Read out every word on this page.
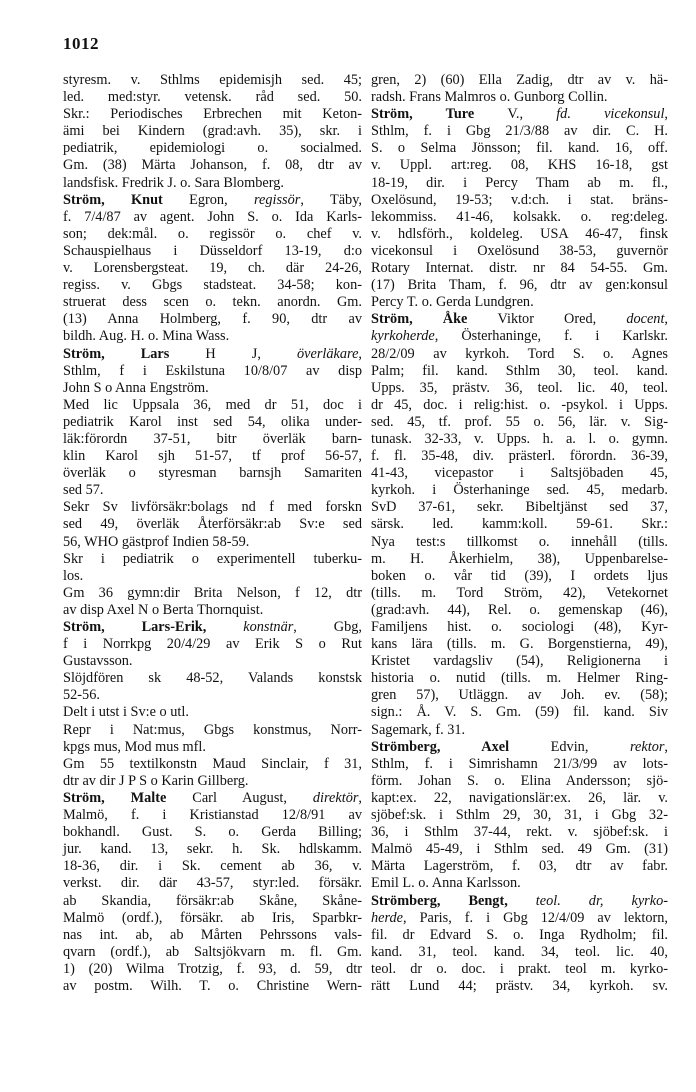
1012
styresm. v. Sthlms epidemisjh sed. 45;
led. med:styr. vetensk. råd sed. 50.
Skr.: Periodisches Erbrechen mit Keton-
ämi bei Kindern (grad:avh. 35), skr. i
pediatrik, epidemiologi o. socialmed.
Gm. (38) Märta Johanson, f. 08, dtr av
landsfisk. Fredrik J. o. Sara Blomberg.
Ström, Knut Egron, regissör, Täby,
f. 7/4/87 av agent. John S. o. Ida Karls-
son; dek:mål. o. regissör o. chef v.
Schauspielhaus i Düsseldorf 13-19, d:o
v. Lorensbergsteat. 19, ch. där 24-26,
regiss. v. Gbgs stadsteat. 34-58; kon-
struerat dess scen o. tekn. anordn. Gm.
(13) Anna Holmberg, f. 90, dtr av
bildh. Aug. H. o. Mina Wass.
Ström, Lars H J, överläkare,
Sthlm, f i Eskilstuna 10/8/07 av disp
John S o Anna Engström.
Med lic Uppsala 36, med dr 51, doc i
pediatrik Karol inst sed 54, olika under-
läk:förordn 37-51, bitr överläk barn-
klin Karol sjh 51-57, tf prof 56-57,
överläk o styresman barnsjh Samariten
sed 57.
Sekr Sv livförsäkr:bolags nd f med forskn
sed 49, överläk Återförsäkr:ab Sv:e sed
56, WHO gästprof Indien 58-59.
Skr i pediatrik o experimentell tuberku-
los.
Gm 36 gymn:dir Brita Nelson, f 12, dtr
av disp Axel N o Berta Thornquist.
Ström, Lars-Erik, konstnär, Gbg,
f i Norrkpg 20/4/29 av Erik S o Rut
Gustavsson.
Slöjdfören sk 48-52, Valands konstsk
52-56.
Delt i utst i Sv:e o utl.
Repr i Nat:mus, Gbgs konstmus, Norr-
kpgs mus, Mod mus mfl.
Gm 55 textilkonstn Maud Sinclair, f 31,
dtr av dir J P S o Karin Gillberg.
Ström, Malte Carl August, direktör,
Malmö, f. i Kristianstad 12/8/91 av
bokhandl. Gust. S. o. Gerda Billing;
jur. kand. 13, sekr. h. Sk. hdlskamm.
18-36, dir. i Sk. cement ab 36, v.
verkst. dir. där 43-57, styr:led. försäkr.
ab Skandia, försäkr:ab Skåne, Skåne-
Malmö (ordf.), försäkr. ab Iris, Sparbkr-
nas int. ab, ab Mårten Pehrssons vals-
qvarn (ordf.), ab Saltsjökvarn m. fl. Gm.
1) (20) Wilma Trotzig, f. 93, d. 59, dtr
av postm. Wilh. T. o. Christine Wern-
gren, 2) (60) Ella Zadig, dtr av v. hä-
radsh. Frans Malmros o. Gunborg Collin.
Ström, Ture V., fd. vicekonsul,
Sthlm, f. i Gbg 21/3/88 av dir. C. H.
S. o Selma Jönsson; fil. kand. 16, off.
v. Uppl. art:reg. 08, KHS 16-18, gst
18-19, dir. i Percy Tham ab m. fl.,
Oxelösund, 19-53; v.d:ch. i stat. bräns-
lekommiss. 41-46, kolsakk. o. reg:deleg.
v. hdlsförh., koldeleg. USA 46-47, finsk
vicekonsul i Oxelösund 38-53, guvernör
Rotary Internat. distr. nr 84 54-55. Gm.
(17) Brita Tham, f. 96, dtr av gen:konsul
Percy T. o. Gerda Lundgren.
Ström, Åke Viktor Ored, docent,
kyrkoherde, Österhaninge, f. i Karlskr.
28/2/09 av kyrkoh. Tord S. o. Agnes
Palm; fil. kand. Sthlm 30, teol. kand.
Upps. 35, prästv. 36, teol. lic. 40, teol.
dr 45, doc. i relig:hist. o. -psykol. i Upps.
sed. 45, tf. prof. 55 o. 56, lär. v. Sig-
tunask. 32-33, v. Upps. h. a. l. o. gymn.
f. fl. 35-48, div. prästerl. förordn. 36-39,
41-43, vicepastor i Saltsjöbaden 45,
kyrkoh. i Österhaninge sed. 45, medarb.
SvD 37-61, sekr. Bibeltjänst sed 37,
särsk. led. kamm:koll. 59-61. Skr.:
Nya test:s tillkomst o. innehåll (tills.
m. H. Åkerhielm, 38), Uppenbarelse-
boken o. vår tid (39), I ordets ljus
(tills. m. Tord Ström, 42), Vetekornet
(grad:avh. 44), Rel. o. gemenskap (46),
Familjens hist. o. sociologi (48), Kyr-
kans lära (tills. m. G. Borgenstierna, 49),
Kristet vardagsliv (54), Religionerna i
historia o. nutid (tills. m. Helmer Ring-
gren 57), Utläggn. av Joh. ev. (58);
sign.: Å. V. S. Gm. (59) fil. kand. Siv
Sagemark, f. 31.
Strömberg, Axel Edvin, rektor,
Sthlm, f. i Simrishamn 21/3/99 av lots-
förm. Johan S. o. Elina Andersson; sjö-
kapt:ex. 22, navigationslär:ex. 26, lär. v.
sjöbef:sk. i Sthlm 29, 30, 31, i Gbg 32-
36, i Sthlm 37-44, rekt. v. sjöbef:sk. i
Malmö 45-49, i Sthlm sed. 49 Gm. (31)
Märta Lagerström, f. 03, dtr av fabr.
Emil L. o. Anna Karlsson.
Strömberg, Bengt, teol. dr, kyrko-
herde, Paris, f. i Gbg 12/4/09 av lektorn,
fil. dr Edvard S. o. Inga Rydholm; fil.
kand. 31, teol. kand. 34, teol. lic. 40,
teol. dr o. doc. i prakt. teol m. kyrko-
rätt Lund 44; prästv. 34, kyrkoh. sv.
